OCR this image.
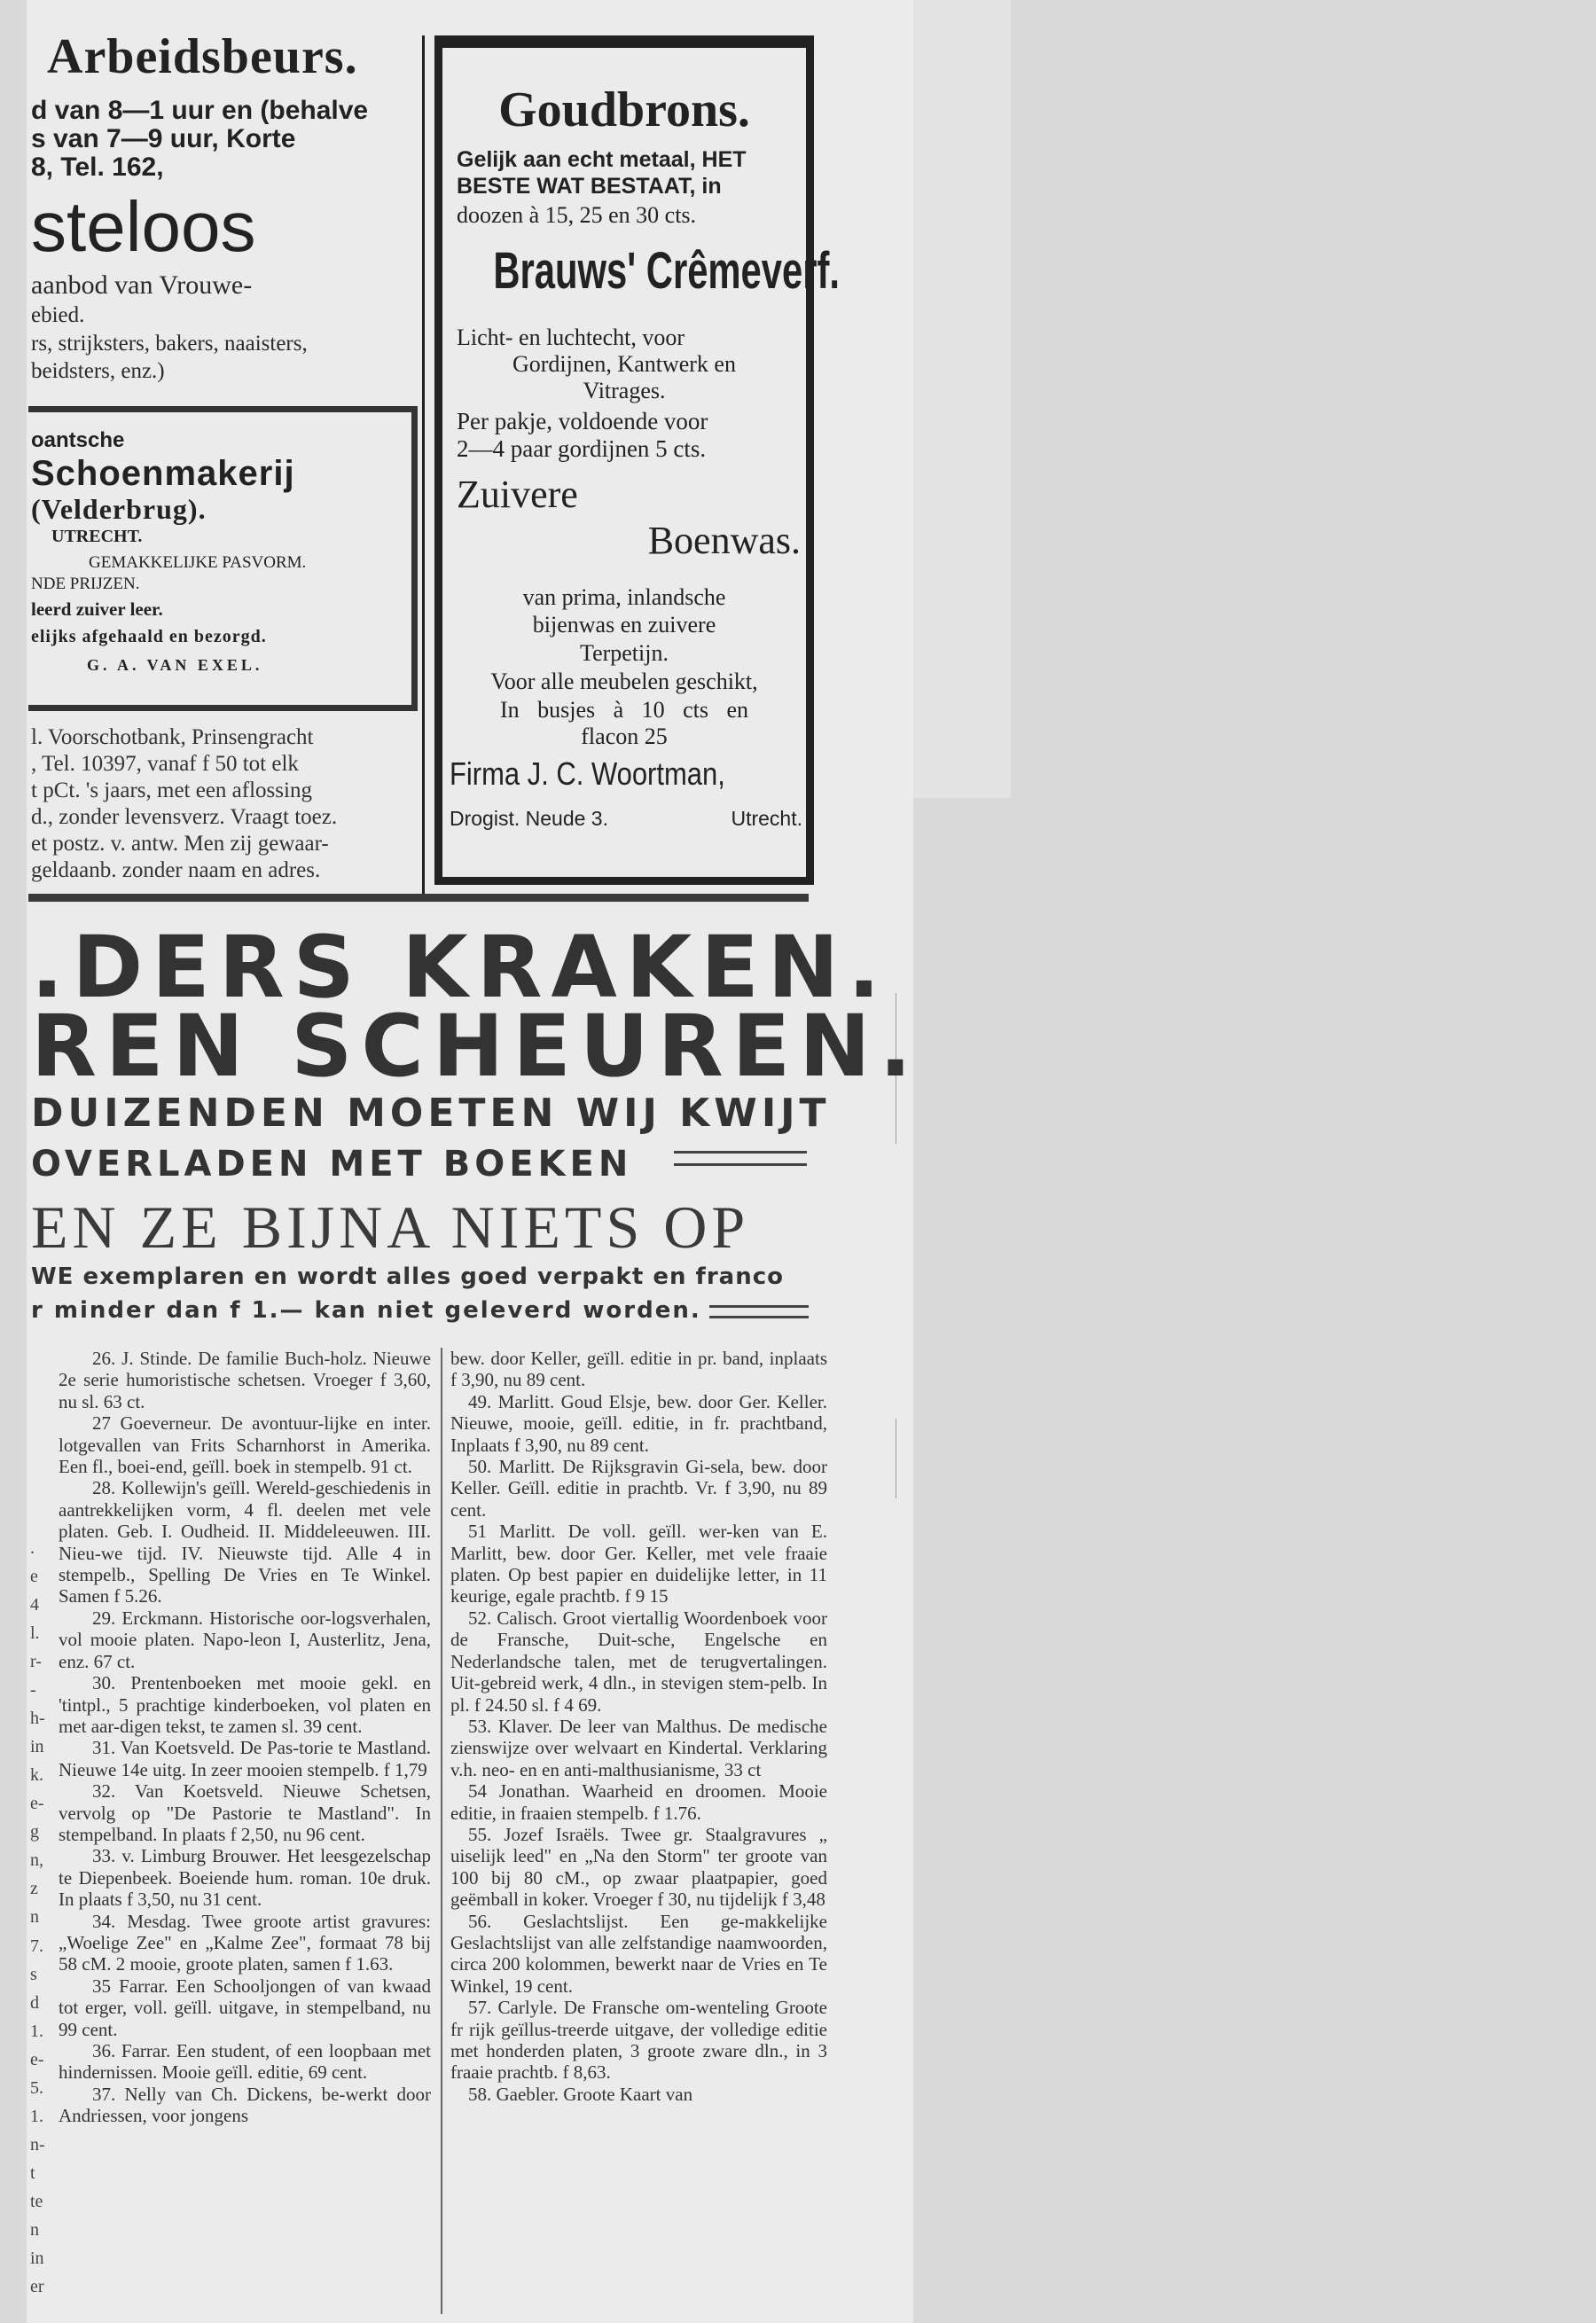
Arbeidsbeurs.
d van 8—1 uur en (behalve
s van 7—9 uur, Korte
8, Tel. 162,
steloos
aanbod van Vrouwe-
ebied.
rs, strijksters, bakers, naaisters,
beidsters, enz.)
oantsche
Schoenmakerij
(Velderbrug).
UTRECHT.
GEMAKKELIJKE PASVORM.
NDE PRIJZEN.
leerd zuiver leer.
elijks afgehaald en bezorgd.
G. A. VAN EXEL.
l. Voorschotbank, Prinsengracht
, Tel. 10397, vanaf f 50 tot elk
t pCt. 's jaars, met een aflossing
d., zonder levensverz. Vraagt toez.
et postz. v. antw. Men zij gewaar-
geldaanb. zonder naam en adres.
Goudbrons.
Gelijk aan echt metaal, HET
BESTE WAT BESTAAT, in
doozen à 15, 25 en 30 cts.
Brauws' Crêmeverf.
Licht- en luchtecht, voor
Gordijnen, Kantwerk en
Vitrages.
Per pakje, voldoende voor
2—4 paar gordijnen 5 cts.
Zuivere
Boenwas.
van prima, inlandsche
bijenwas en zuivere
Terpetijn.
Voor alle meubelen geschikt,
In busjes à 10 cts en
flacon 25
Firma J. C. Woortman,
Drogist. Neude 3.	Utrecht.
.DERS KRAKEN.
REN SCHEUREN.
DUIZENDEN MOETEN WIJ KWIJT
OVERLADEN MET BOEKEN
EN ZE BIJNA NIETS OP
WE exemplaren en wordt alles goed verpakt en franco
r minder dan f 1.— kan niet geleverd worden.
.
e
4
l.
r-
-
h-
in
k.
e-
g
n,
z
n
7.
s
d
1.
e-
5.
1.
n-
t
te
n
in
er

26. J. Stinde. De familie Buch-holz. Nieuwe 2e serie humoristische schetsen. Vroeger f 3,60, nu sl. 63 ct.

27 Goeverneur. De avontuur-lijke en inter. lotgevallen van Frits Scharnhorst in Amerika. Een fl., boei-end, geïll. boek in stempelb. 91 ct.

28. Kollewijn's geïll. Wereld-geschiedenis in aantrekkelijken vorm, 4 fl. deelen met vele platen. Geb. I. Oudheid. II. Middeleeuwen. III. Nieu-we tijd. IV. Nieuwste tijd. Alle 4 in stempelb., Spelling De Vries en Te Winkel. Samen f 5.26.

29. Erckmann. Historische oor-logsverhalen, vol mooie platen. Napo-leon I, Austerlitz, Jena, enz. 67 ct.

30. Prentenboeken met mooie gekl. en 'tintpl., 5 prachtige kinderboeken, vol platen en met aar-digen tekst, te zamen sl. 39 cent.

31. Van Koetsveld. De Pas-torie te Mastland. Nieuwe 14e uitg. In zeer mooien stempelb. f 1,79

32. Van Koetsveld. Nieuwe Schetsen, vervolg op "De Pastorie te Mastland". In stempelband. In plaats f 2,50, nu 96 cent.

33. v. Limburg Brouwer. Het leesgezelschap te Diepenbeek. Boeiende hum. roman. 10e druk. In plaats f 3,50, nu 31 cent.

34. Mesdag. Twee groote artist gravures: „Woelige Zee" en „Kalme Zee", formaat 78 bij 58 cM. 2 mooie, groote platen, samen f 1.63.

35 Farrar. Een Schooljongen of van kwaad tot erger, voll. geïll. uitgave, in stempelband, nu 99 cent.

36. Farrar. Een student, of een loopbaan met hindernissen. Mooie geïll. editie, 69 cent.

37. Nelly van Ch. Dickens, be-werkt door Andriessen, voor jongens

bew. door Keller, geïll. editie in pr. band, inplaats f 3,90, nu 89 cent.

49. Marlitt. Goud Elsje, bew. door Ger. Keller. Nieuwe, mooie, geïll. editie, in fr. prachtband, Inplaats f 3,90, nu 89 cent.

50. Marlitt. De Rijksgravin Gi-sela, bew. door Keller. Geïll. editie in prachtb. Vr. f 3,90, nu 89 cent.

51 Marlitt. De voll. geïll. wer-ken van E. Marlitt, bew. door Ger. Keller, met vele fraaie platen. Op best papier en duidelijke letter, in 11 keurige, egale prachtb. f 9 15

52. Calisch. Groot viertallig Woordenboek voor de Fransche, Duit-sche, Engelsche en Nederlandsche talen, met de terugvertalingen. Uit-gebreid werk, 4 dln., in stevigen stem-pelb. In pl. f 24.50 sl. f 4 69.

53. Klaver. De leer van Malthus. De medische zienswijze over welvaart en Kindertal. Verklaring v.h. neo- en en anti-malthusianisme, 33 ct

54 Jonathan. Waarheid en droomen. Mooie editie, in fraaien stempelb. f 1.76.

55. Jozef Israëls. Twee gr. Staalgravures „ uiselijk leed" en „Na den Storm" ter groote van 100 bij 80 cM., op zwaar plaatpapier, goed geëmball in koker. Vroeger f 30, nu tijdelijk f 3,48

56. Geslachtslijst. Een ge-makkelijke Geslachtslijst van alle zelfstandige naamwoorden, circa 200 kolommen, bewerkt naar de Vries en Te Winkel, 19 cent.

57. Carlyle. De Fransche om-wenteling Groote fr rijk geïllus-treerde uitgave, der volledige editie met honderden platen, 3 groote zware dln., in 3 fraaie prachtb. f 8,63.

58. Gaebler. Groote Kaart van
